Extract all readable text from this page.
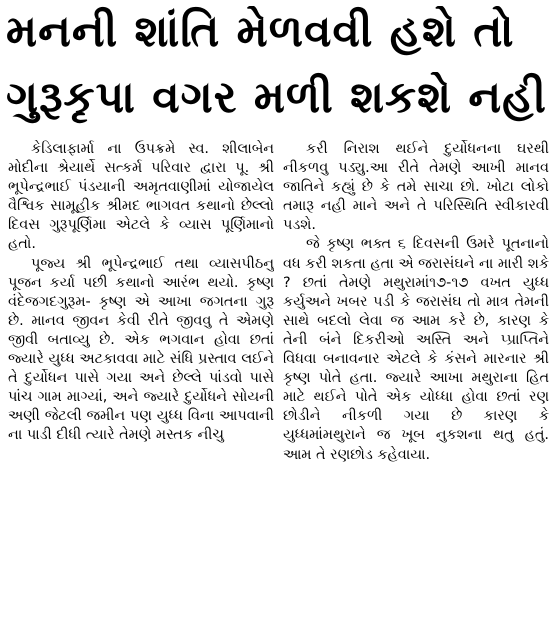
મનની શાંતિ મેળવવી હશે તો
ગુરૂકૃપા વગર મળી શકશે નહી

કેડિલાફાર્મા ના ઉપક્રમે સ્વ. શીલાબેન મોદીના શ્રેયાર્થે સત્કર્મ પરિવાર દ્વારા પૂ. શ્રી ભૂપેન્દ્રભાઈ પંડયાની અમૃતવાણીમાં યોજાયેલ વૈશ્વિક સામૂહીક શ્રીમદ ભાગવત કથાનો છેલ્લો દિવસ ગુરૂપૂર્ણિમા એટલે કે વ્યાસ પૂર્ણિમાનો હતો.

પૂજ્ય શ્રી ભૂપેન્દ્રભાઈ તથા વ્યાસપીઠનુ પૂજન કર્યા પછી કથાનો આરંભ થયો. કૃષ્ણ વંદેજગદગુરૂમ- કૃષ્ણ એ આખા જગતના ગુરૂ છે. માનવ જીવન કેવી રીતે જીવવુ તે એમણે જીવી બતાવ્યુ છે. એક ભગવાન હોવા છતાં જ્યારે યુધ્ધ અટકાવવા માટે સંધિ પ્રસ્તાવ લઈને તે દુર્યોધન પાસે ગયા અને છેલ્લે પાંડવો પાસે પાંચ ગામ માગ્યાં, અને જ્યારે દુર્યોધને સોયની અણી જેટલી જમીન પણ યુધ્ધ વિના આપવાની ના પાડી દીધી ત્યારે તેમણે મસ્તક નીચુ

કરી નિરાશ થઈને દુર્યોધનના ઘરથી નીકળવુ પડ્યુ.આ રીતે તેમણે આખી માનવ જાતિને કહ્યું છે કે તમે સાચા છો. ખોટા લોકો તમારૂ નહી માને અને તે પરિસ્થિતિ સ્વીકારવી પડશે.

જે કૃષ્ણ ભક્ત ૬ દિવસની ઉમરે પૂતનાનો વધ કરી શકતા હતા એ જરાસંઘને ના મારી શકે ? છતાં તેમણે મથુરામાં૧૭-૧૭ વખત યુધ્ધ કર્યુઅને ખબર પડી કે જરાસંઘ તો માત્ર તેમની સાથે બદલો લેવા જ આમ કરે છે, કારણ કે તેની બંને દિકરીઓ અસ્તિ અને પ્પ્રાપ્તિને વિધવા બનાવનાર એટલે કે કંસને મારનાર શ્રી કૃષ્ણ પોતે હતા. જ્યારે આખા મથુરાના હિત માટે થઈને પોતે એક યોધ્ધા હોવા છતાં રણ છોડીને નીકળી ગયા છે કારણ કે યુધ્ધમાંમથુરાને જ ખૂબ નુકશના થતુ હતું. આમ તે રણછોડ કહેવાયા.
